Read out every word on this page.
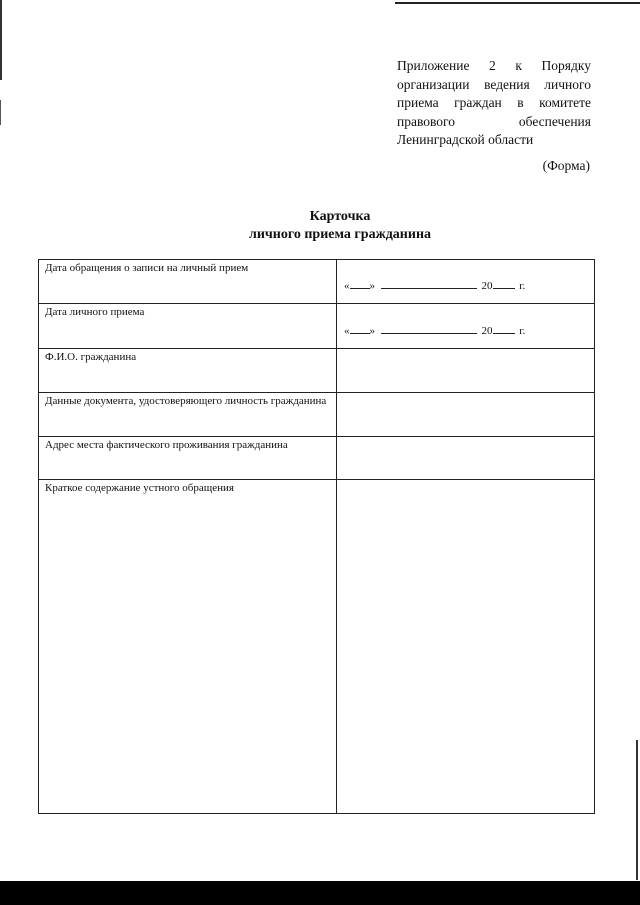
Приложение 2 к Порядку
организации ведения личного
приема граждан в комитете
правового обеспечения
Ленинградской области
(Форма)
Карточка
личного приема гражданина
Дата обращения о записи на личный прием
« »	20 г.
Дата личного приема
« »	20 г.
Ф.И.О. гражданина
Данные документа, удостоверяющего личность гражданина
Адрес места фактического проживания гражданина
Краткое содержание устного обращения
